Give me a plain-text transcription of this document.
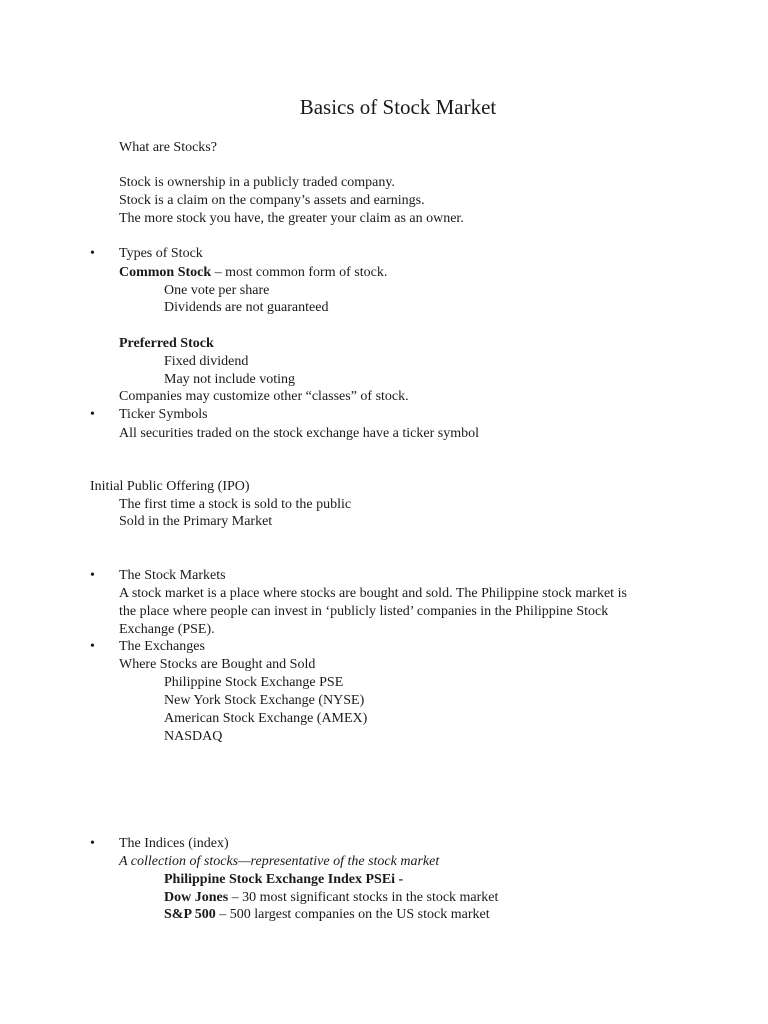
Basics of Stock Market
What are Stocks?
Stock is ownership in a publicly traded company.
Stock is a claim on the company’s assets and earnings.
The more stock you have, the greater your claim as an owner.
• Types of Stock
Common Stock – most common form of stock.
One vote per share
Dividends are not guaranteed
Preferred Stock
Fixed dividend
May not include voting
Companies may customize other “classes” of stock.
• Ticker Symbols
All securities traded on the stock exchange have a ticker symbol
Initial Public Offering (IPO)
The first time a stock is sold to the public
Sold in the Primary Market
• The Stock Markets
A stock market is a place where stocks are bought and sold. The Philippine stock market is
the place where people can invest in ‘publicly listed’ companies in the Philippine Stock
Exchange (PSE).
• The Exchanges
Where Stocks are Bought and Sold
Philippine Stock Exchange PSE
New York Stock Exchange (NYSE)
American Stock Exchange (AMEX)
NASDAQ
• The Indices (index)
A collection of stocks—representative of the stock market
Philippine Stock Exchange Index PSEi -
Dow Jones – 30 most significant stocks in the stock market
S&P 500 – 500 largest companies on the US stock market
